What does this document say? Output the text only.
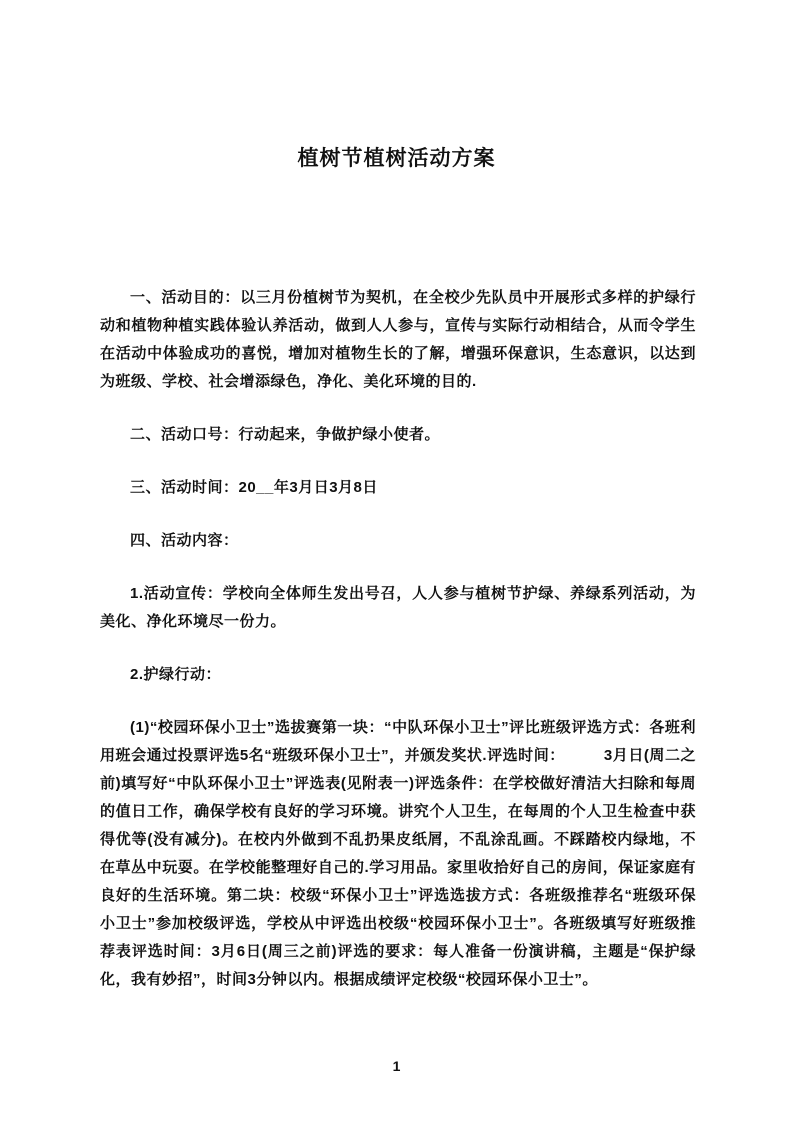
植树节植树活动方案

一、活动目的：以三月份植树节为契机，在全校少先队员中开展形式多样的护绿行动和植物种植实践体验认养活动，做到人人参与，宣传与实际行动相结合，从而令学生在活动中体验成功的喜悦，增加对植物生长的了解，增强环保意识，生态意识，以达到为班级、学校、社会增添绿色，净化、美化环境的目的.

二、活动口号：行动起来，争做护绿小使者。

三、活动时间：20__年3月日3月8日

四、活动内容：

1.活动宣传：学校向全体师生发出号召，人人参与植树节护绿、养绿系列活动，为美化、净化环境尽一份力。

2.护绿行动：

(1)“校园环保小卫士”选拔赛第一块：“中队环保小卫士”评比班级评选方式：各班利用班会通过投票评选5名“班级环保小卫士”，并颁发奖状.评选时间：　　　3月日(周二之前)填写好“中队环保小卫士”评选表(见附表一)评选条件：在学校做好清洁大扫除和每周的值日工作，确保学校有良好的学习环境。讲究个人卫生，在每周的个人卫生检查中获得优等(没有减分)。在校内外做到不乱扔果皮纸屑，不乱涂乱画。不踩踏校内绿地，不在草丛中玩耍。在学校能整理好自己的.学习用品。家里收拾好自己的房间，保证家庭有良好的生活环境。第二块：校级“环保小卫士”评选选拔方式：各班级推荐名“班级环保小卫士”参加校级评选，学校从中评选出校级“校园环保小卫士”。各班级填写好班级推荐表评选时间：3月6日(周三之前)评选的要求：每人准备一份演讲稿，主题是“保护绿化，我有妙招”，时间3分钟以内。根据成绩评定校级“校园环保小卫士”。

1
